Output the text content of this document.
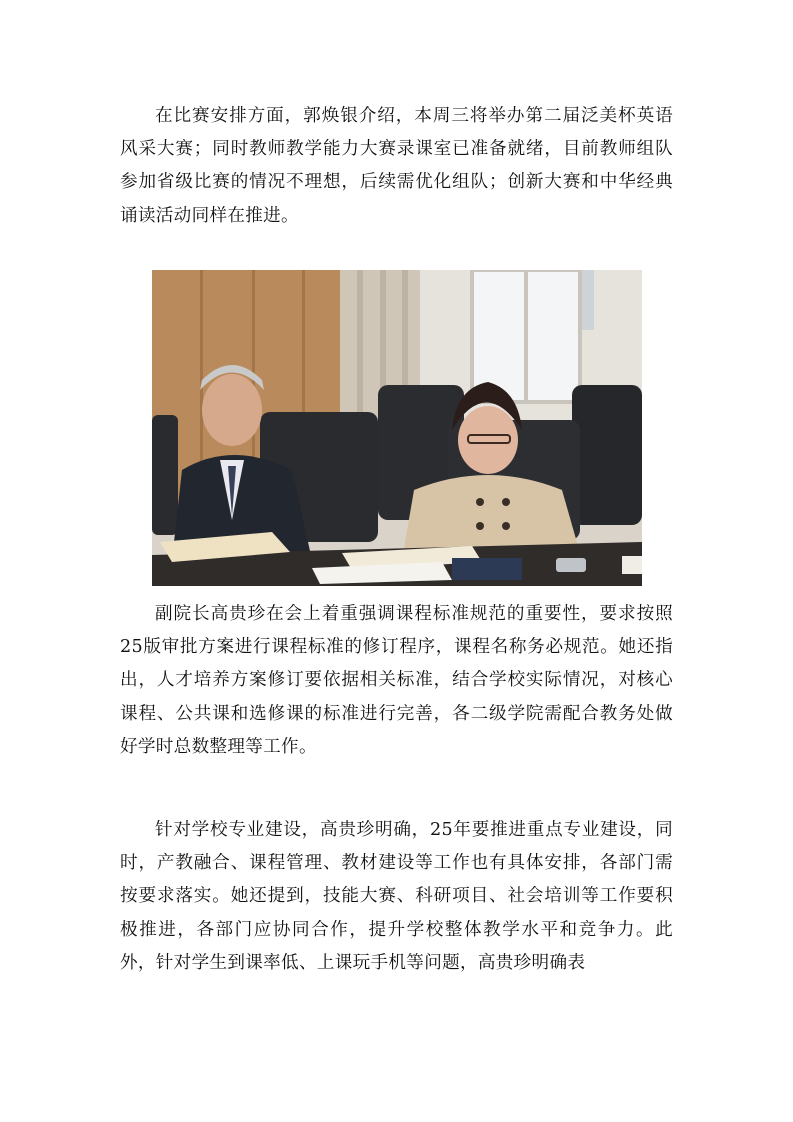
在比赛安排方面，郭焕银介绍，本周三将举办第二届泛美杯英语风采大赛；同时教师教学能力大赛录课室已准备就绪，目前教师组队参加省级比赛的情况不理想，后续需优化组队；创新大赛和中华经典诵读活动同样在推进。

副院长高贵珍在会上着重强调课程标准规范的重要性，要求按照25版审批方案进行课程标准的修订程序，课程名称务必规范。她还指出，人才培养方案修订要依据相关标准，结合学校实际情况，对核心课程、公共课和选修课的标准进行完善，各二级学院需配合教务处做好学时总数整理等工作。

针对学校专业建设，高贵珍明确，25年要推进重点专业建设，同时，产教融合、课程管理、教材建设等工作也有具体安排，各部门需按要求落实。她还提到，技能大赛、科研项目、社会培训等工作要积极推进，各部门应协同合作，提升学校整体教学水平和竞争力。此外，针对学生到课率低、上课玩手机等问题，高贵珍明确表
